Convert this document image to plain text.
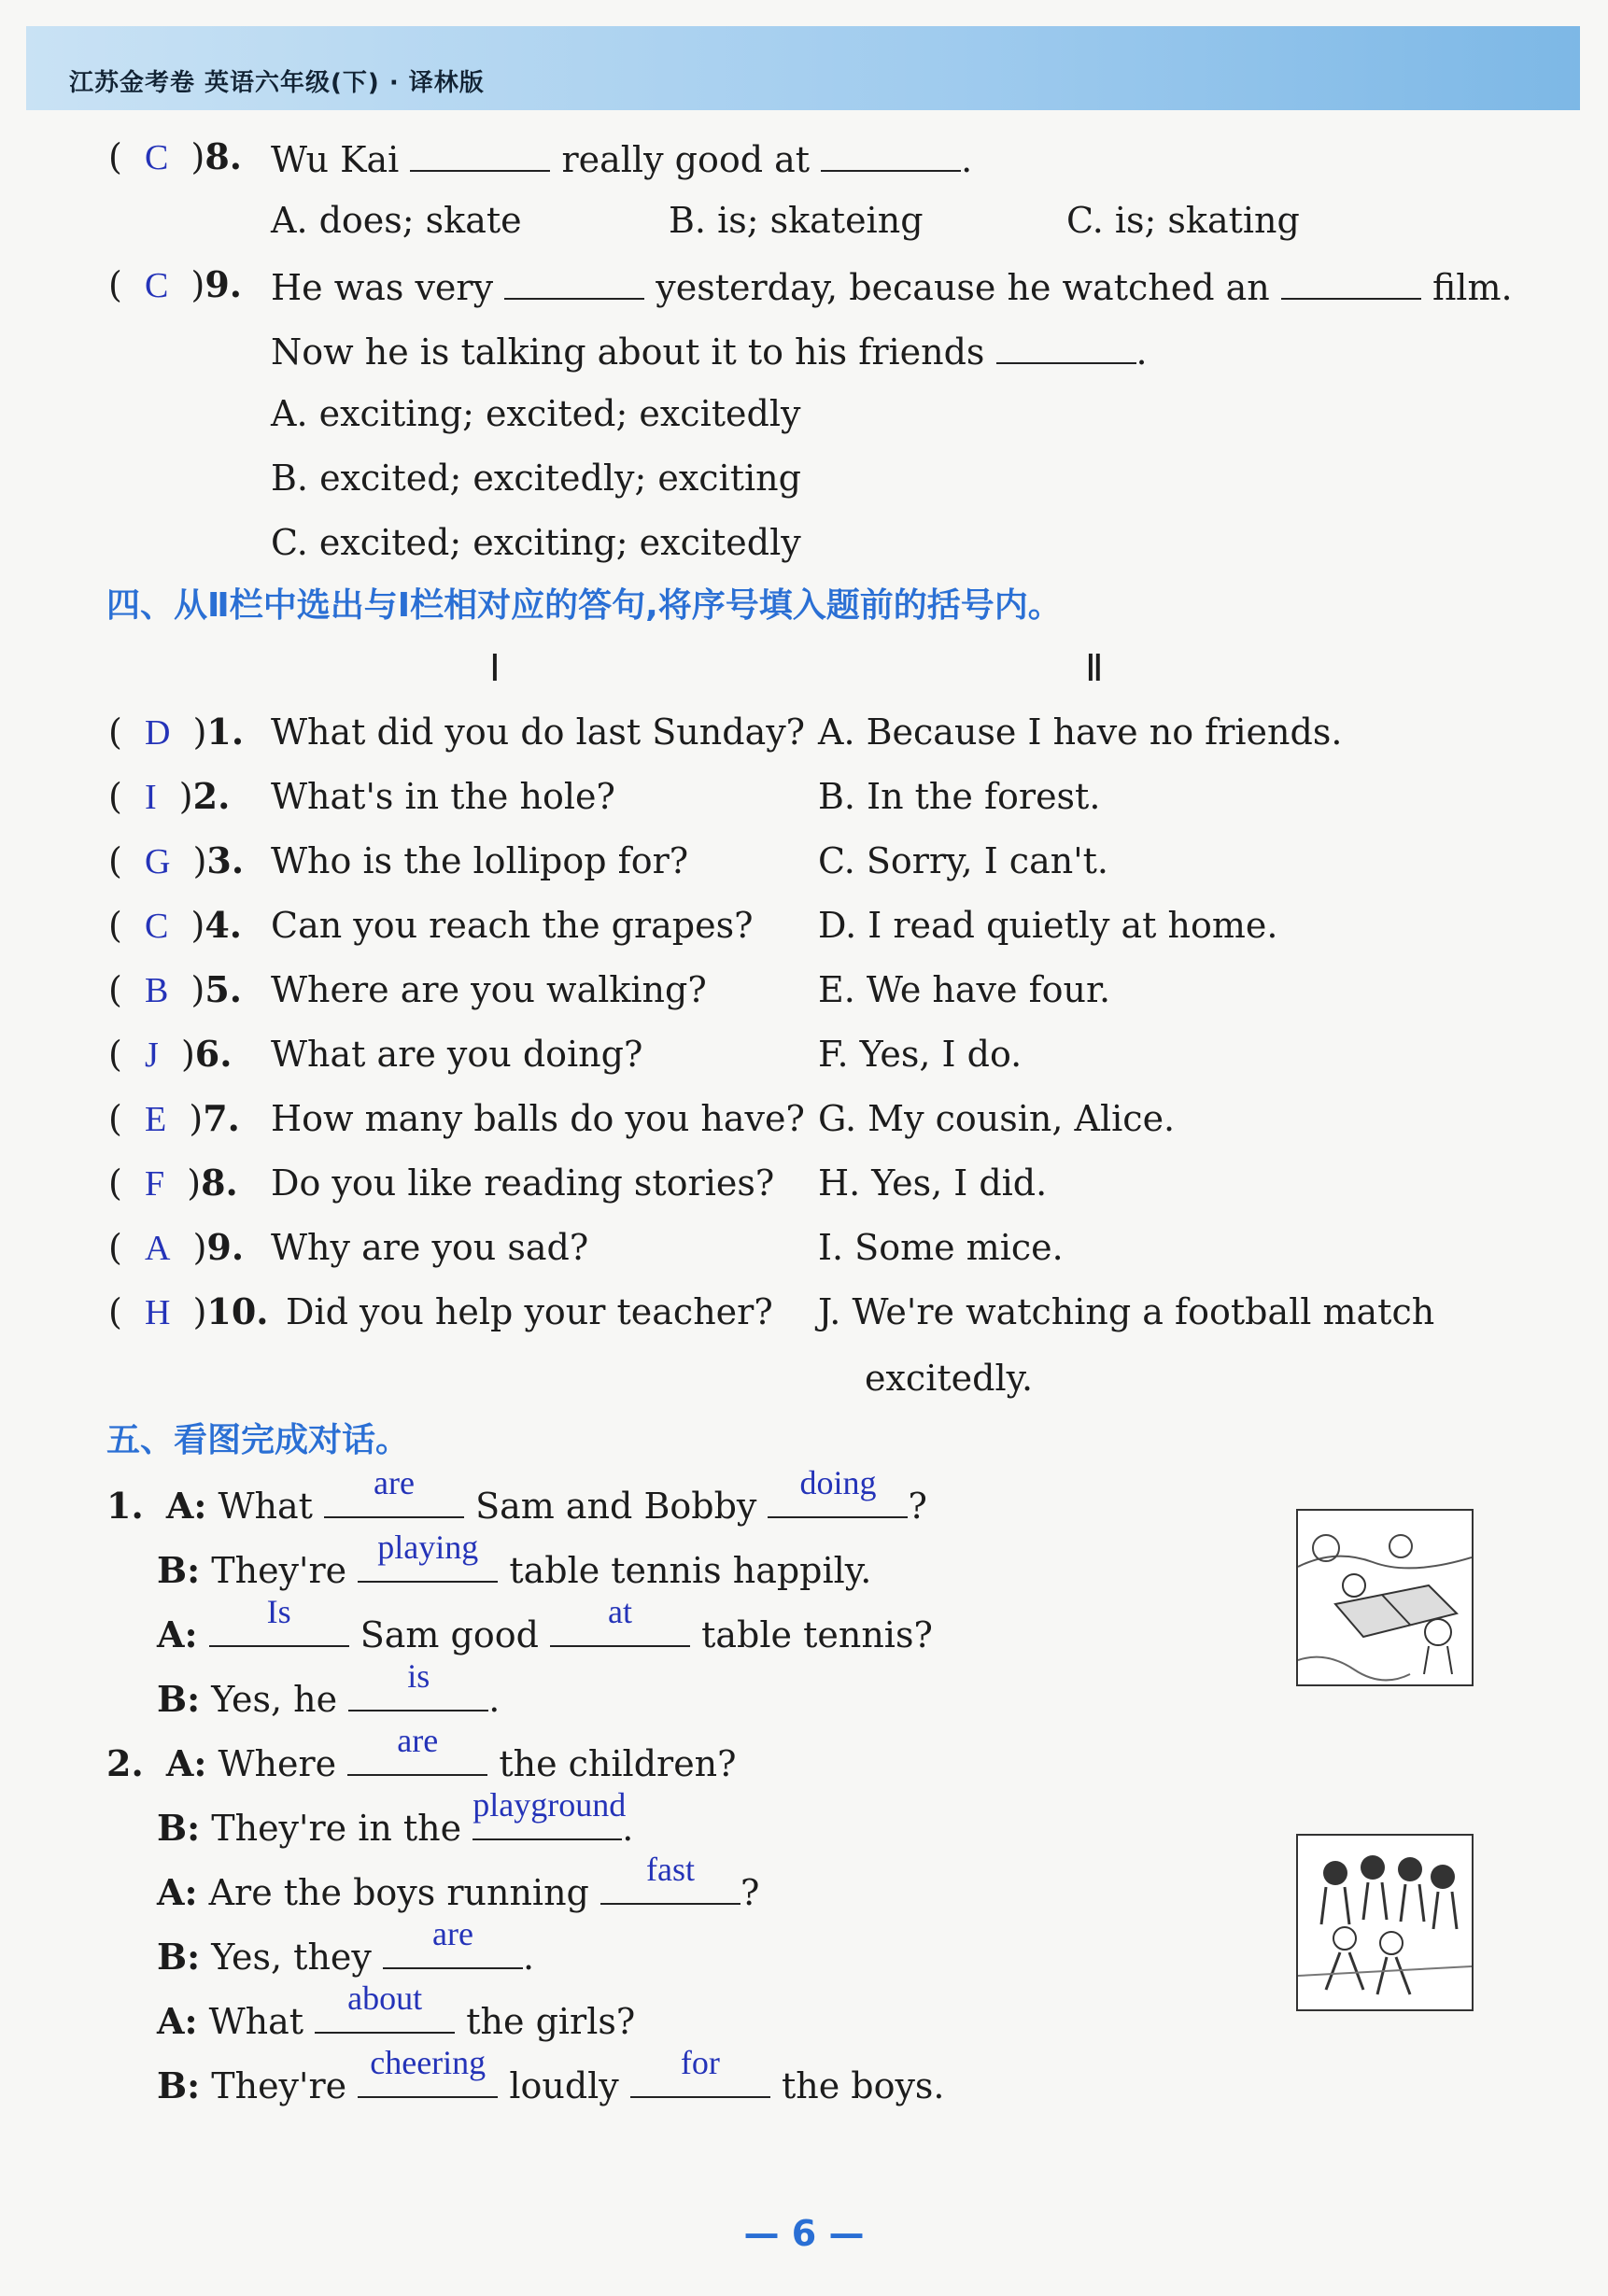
江苏金考卷 英语六年级(下) · 译林版
(  C  )8. Wu Kai	really good at	.
A. does; skate	B. is; skateing	C. is; skating
(  C  )9. He was very	yesterday, because he watched an	film.
Now he is talking about it to his friends	.
A. exciting; excited; excitedly
B. excited; excitedly; exciting
C. excited; exciting; excitedly
四、从Ⅱ栏中选出与Ⅰ栏相对应的答句,将序号填入题前的括号内。
Ⅰ	Ⅱ
(  D  )1. What did you do last Sunday? A. Because I have no friends.
(  I  )2. What's in the hole?	B. In the forest.
(  G  )3. Who is the lollipop for?	C. Sorry, I can't.
(  C  )4. Can you reach the grapes? D. I read quietly at home.
(  B  )5. Where are you walking?	E. We have four.
(  J  )6. What are you doing?	F. Yes, I do.
(  E  )7. How many balls do you have? G. My cousin, Alice.
(  F  )8. Do you like reading stories? H. Yes, I did.
(  A  )9. Why are you sad?	I. Some mice.
(  H  )10. Did you help your teacher? J. We're watching a football match
excitedly.
五、看图完成对话。
1. A: What
are
Sam and Bobby
doing
?
B: They're
playing
table tennis happily.
A:
Is
Sam good
at
table tennis?
B: Yes, he
is
.
2. A: Where
are
the children?
B: They're in the
playground
.
A: Are the boys running
fast
?
B: Yes, they
are
.
A: What
about
the girls?
B: They're
cheering
loudly
for
the boys.
— 6 —
